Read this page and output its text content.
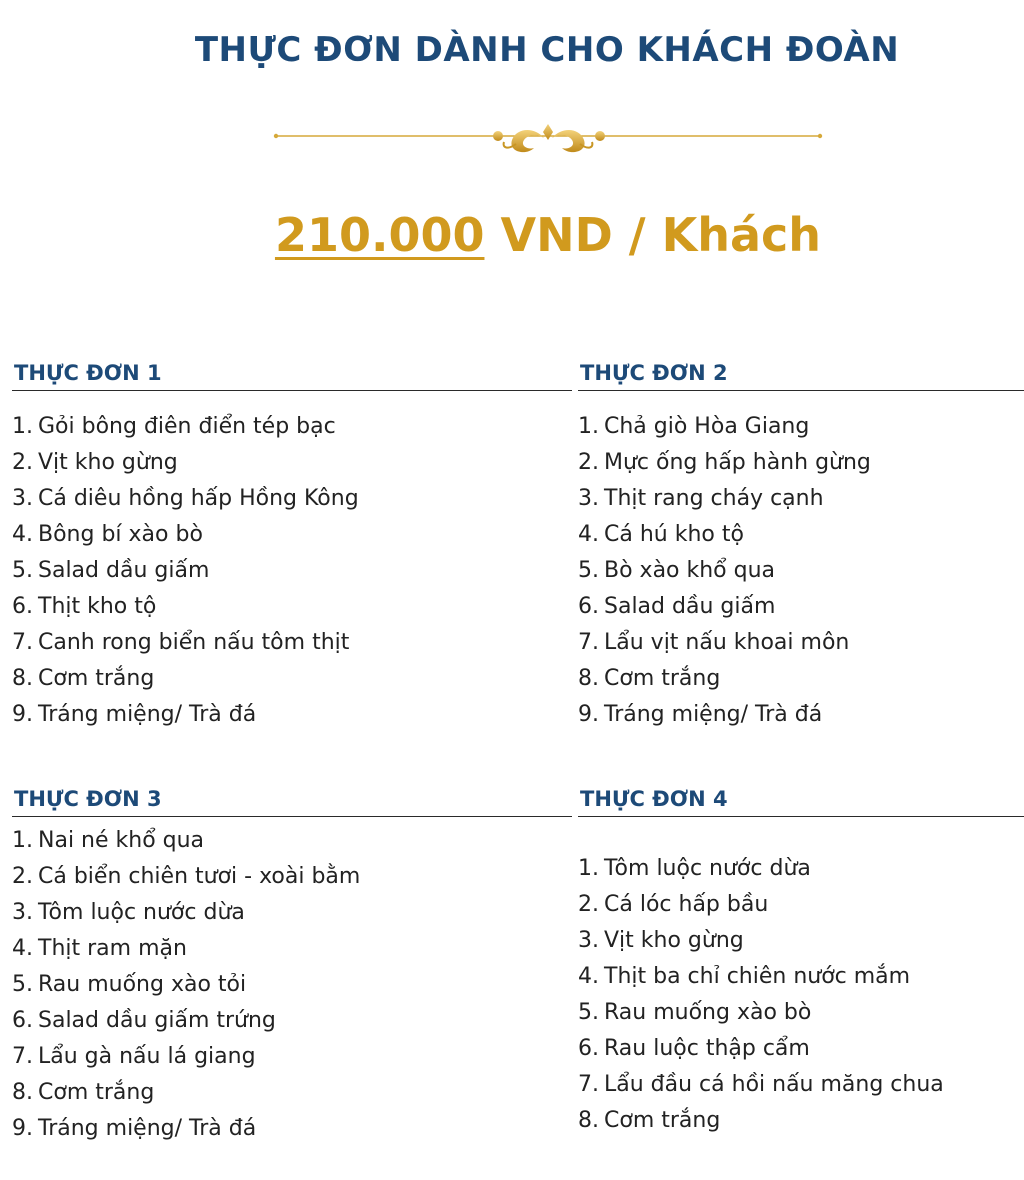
THỰC ĐƠN DÀNH CHO KHÁCH ĐOÀN
210.000 VND / Khách
THỰC ĐƠN 1
1. Gỏi bông điên điển tép bạc
2. Vịt kho gừng
3. Cá diêu hồng hấp Hồng Kông
4. Bông bí xào bò
5. Salad dầu giấm
6. Thịt kho tộ
7. Canh rong biển nấu tôm thịt
8. Cơm trắng
9. Tráng miệng/ Trà đá
THỰC ĐƠN 2
1. Chả giò Hòa Giang
2. Mực ống hấp hành gừng
3. Thịt rang cháy cạnh
4. Cá hú kho tộ
5. Bò xào khổ qua
6. Salad dầu giấm
7. Lẩu vịt nấu khoai môn
8. Cơm trắng
9. Tráng miệng/ Trà đá
THỰC ĐƠN 3
1. Nai né khổ qua
2. Cá biển chiên tươi - xoài bằm
3. Tôm luộc nước dừa
4. Thịt ram mặn
5. Rau muống xào tỏi
6. Salad dầu giấm trứng
7. Lẩu gà nấu lá giang
8. Cơm trắng
9. Tráng miệng/ Trà đá
THỰC ĐƠN 4
1. Tôm luộc nước dừa
2. Cá lóc hấp bầu
3. Vịt kho gừng
4. Thịt ba chỉ chiên nước mắm
5. Rau muống xào bò
6. Rau luộc thập cẩm
7. Lẩu đầu cá hồi nấu măng chua
8. Cơm trắng
